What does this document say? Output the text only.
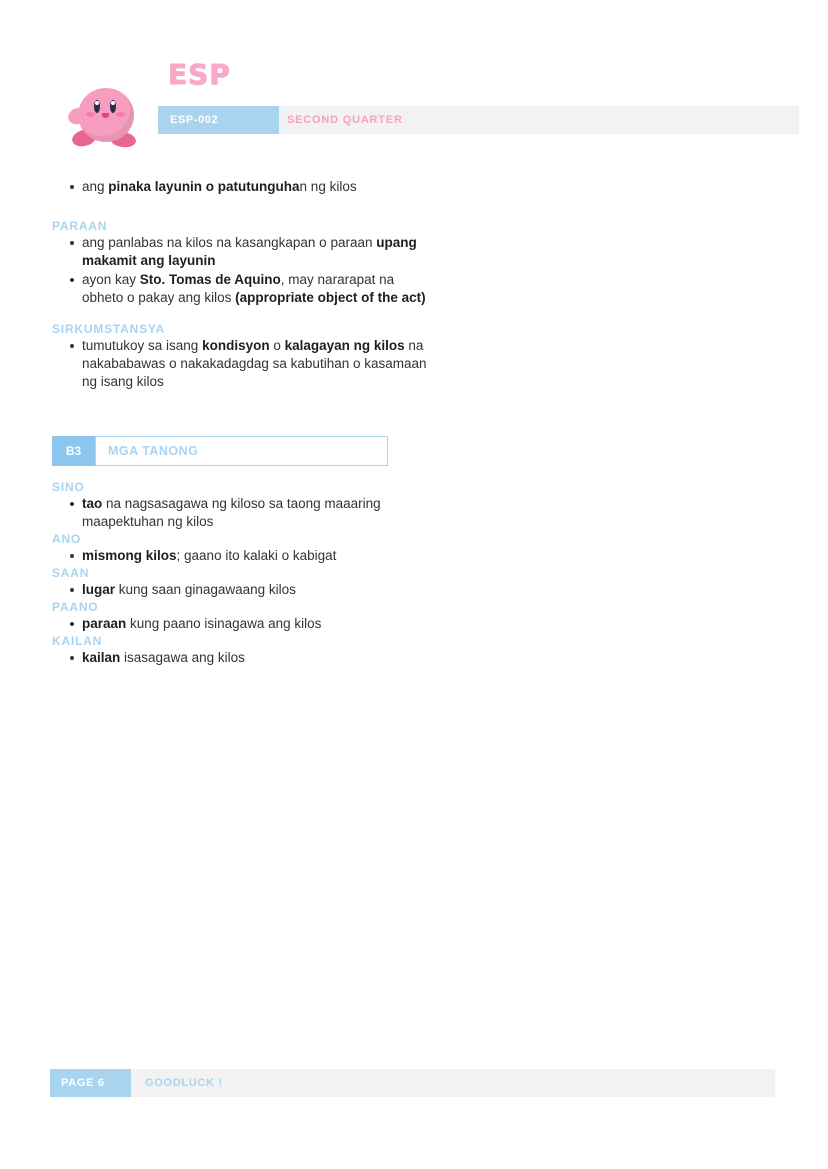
ESP
ESP-002	SECOND QUARTER
ang pinaka layunin o patutunguhan ng kilos
PARAAN
ang panlabas na kilos na kasangkapan o paraan upang makamit ang layunin
ayon kay Sto. Tomas de Aquino, may nararapat na obheto o pakay ang kilos (appropriate object of the act)
SIRKUMSTANSYA
tumutukoy sa isang kondisyon o kalagayan ng kilos na nakababawas o nakakadagdag sa kabutihan o kasamaan ng isang kilos
B3	MGA TANONG
SINO
tao na nagsasagawa ng kiloso sa taong maaaring maapektuhan ng kilos
ANO
mismong kilos; gaano ito kalaki o kabigat
SAAN
lugar kung saan ginagawaang kilos
PAANO
paraan kung paano isinagawa ang kilos
KAILAN
kailan isasagawa ang kilos
PAGE 6	GOODLUCK !
